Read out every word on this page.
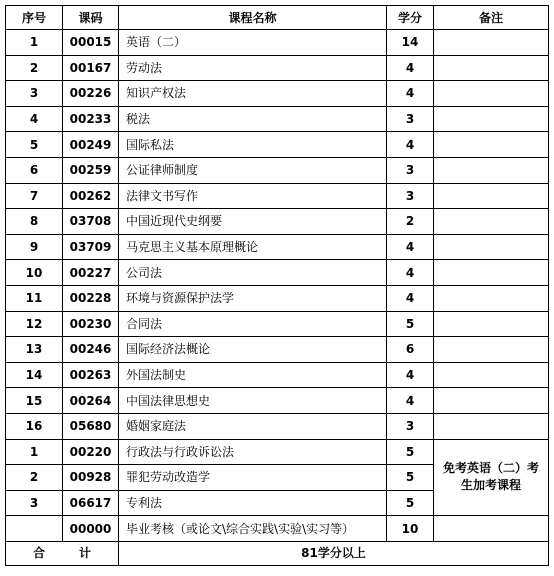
序号	课码	课程名称	学分	备注
1	00015	英语（二）	14	
2	00167	劳动法	4	
3	00226	知识产权法	4	
4	00233	税法	3	
5	00249	国际私法	4	
6	00259	公证律师制度	3	
7	00262	法律文书写作	3	
8	03708	中国近现代史纲要	2	
9	03709	马克思主义基本原理概论	4	
10	00227	公司法	4	
11	00228	环境与资源保护法学	4	
12	00230	合同法	5	
13	00246	国际经济法概论	6	
14	00263	外国法制史	4	
15	00264	中国法律思想史	4	
16	05680	婚姻家庭法	3	
1	00220	行政法与行政诉讼法	5	免考英语（二）考生加考课程
2	00928	罪犯劳动改造学	5	
3	06617	专利法	5	
	00000	毕业考核（或论文\综合实践\实验\实习等）	10	

合 计		81学分以上		
